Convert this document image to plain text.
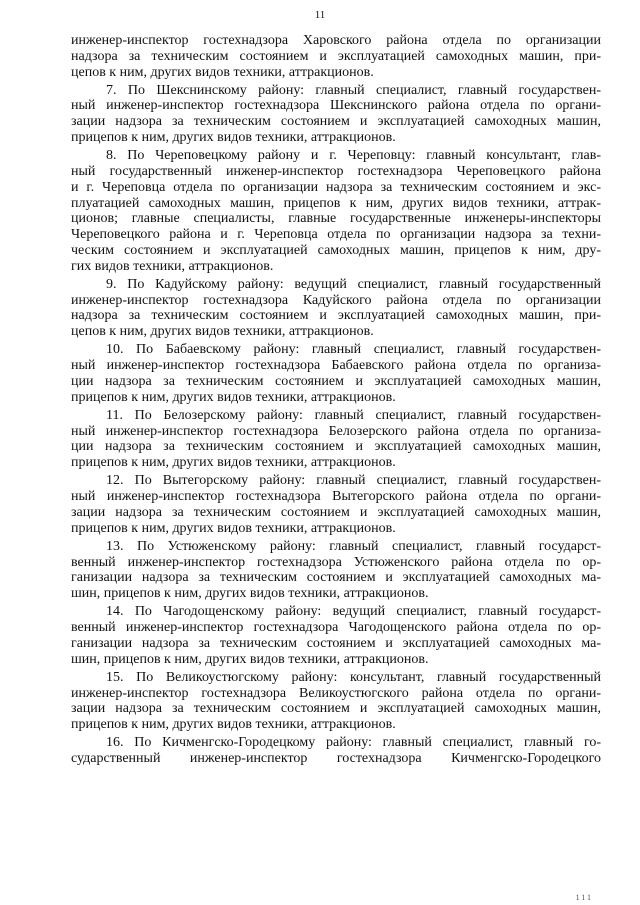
11
инженер-инспектор гостехнадзора Харовского района отдела по организации
надзора за техническим состоянием и эксплуатацией самоходных машин, при-
цепов к ним, других видов техники, аттракционов.
7. По Шекснинскому району: главный специалист, главный государствен-
ный инженер-инспектор гостехнадзора Шекснинского района отдела по органи-
зации надзора за техническим состоянием и эксплуатацией самоходных машин,
прицепов к ним, других видов техники, аттракционов.
8. По Череповецкому району и г. Череповцу: главный консультант, глав-
ный государственный инженер-инспектор гостехнадзора Череповецкого района
и г. Череповца отдела по организации надзора за техническим состоянием и экс-
плуатацией самоходных машин, прицепов к ним, других видов техники, аттрак-
ционов; главные специалисты, главные государственные инженеры-инспекторы
Череповецкого района и г. Череповца отдела по организации надзора за техни-
ческим состоянием и эксплуатацией самоходных машин, прицепов к ним, дру-
гих видов техники, аттракционов.
9. По Кадуйскому району: ведущий специалист, главный государственный
инженер-инспектор гостехнадзора Кадуйского района отдела по организации
надзора за техническим состоянием и эксплуатацией самоходных машин, при-
цепов к ним, других видов техники, аттракционов.
10. По Бабаевскому району: главный специалист, главный государствен-
ный инженер-инспектор гостехнадзора Бабаевского района отдела по организа-
ции надзора за техническим состоянием и эксплуатацией самоходных машин,
прицепов к ним, других видов техники, аттракционов.
11. По Белозерскому району: главный специалист, главный государствен-
ный инженер-инспектор гостехнадзора Белозерского района отдела по организа-
ции надзора за техническим состоянием и эксплуатацией самоходных машин,
прицепов к ним, других видов техники, аттракционов.
12. По Вытегорскому району: главный специалист, главный государствен-
ный инженер-инспектор гостехнадзора Вытегорского района отдела по органи-
зации надзора за техническим состоянием и эксплуатацией самоходных машин,
прицепов к ним, других видов техники, аттракционов.
13. По Устюженскому району: главный специалист, главный государст-
венный инженер-инспектор гостехнадзора Устюженского района отдела по ор-
ганизации надзора за техническим состоянием и эксплуатацией самоходных ма-
шин, прицепов к ним, других видов техники, аттракционов.
14. По Чагодощенскому району: ведущий специалист, главный государст-
венный инженер-инспектор гостехнадзора Чагодощенского района отдела по ор-
ганизации надзора за техническим состоянием и эксплуатацией самоходных ма-
шин, прицепов к ним, других видов техники, аттракционов.
15. По Великоустюгскому району: консультант, главный государственный
инженер-инспектор гостехнадзора Великоустюгского района отдела по органи-
зации надзора за техническим состоянием и эксплуатацией самоходных машин,
прицепов к ним, других видов техники, аттракционов.
16. По Кичменгско-Городецкому району: главный специалист, главный го-
сударственный инженер-инспектор гостехнадзора Кичменгско-Городецкого
111
